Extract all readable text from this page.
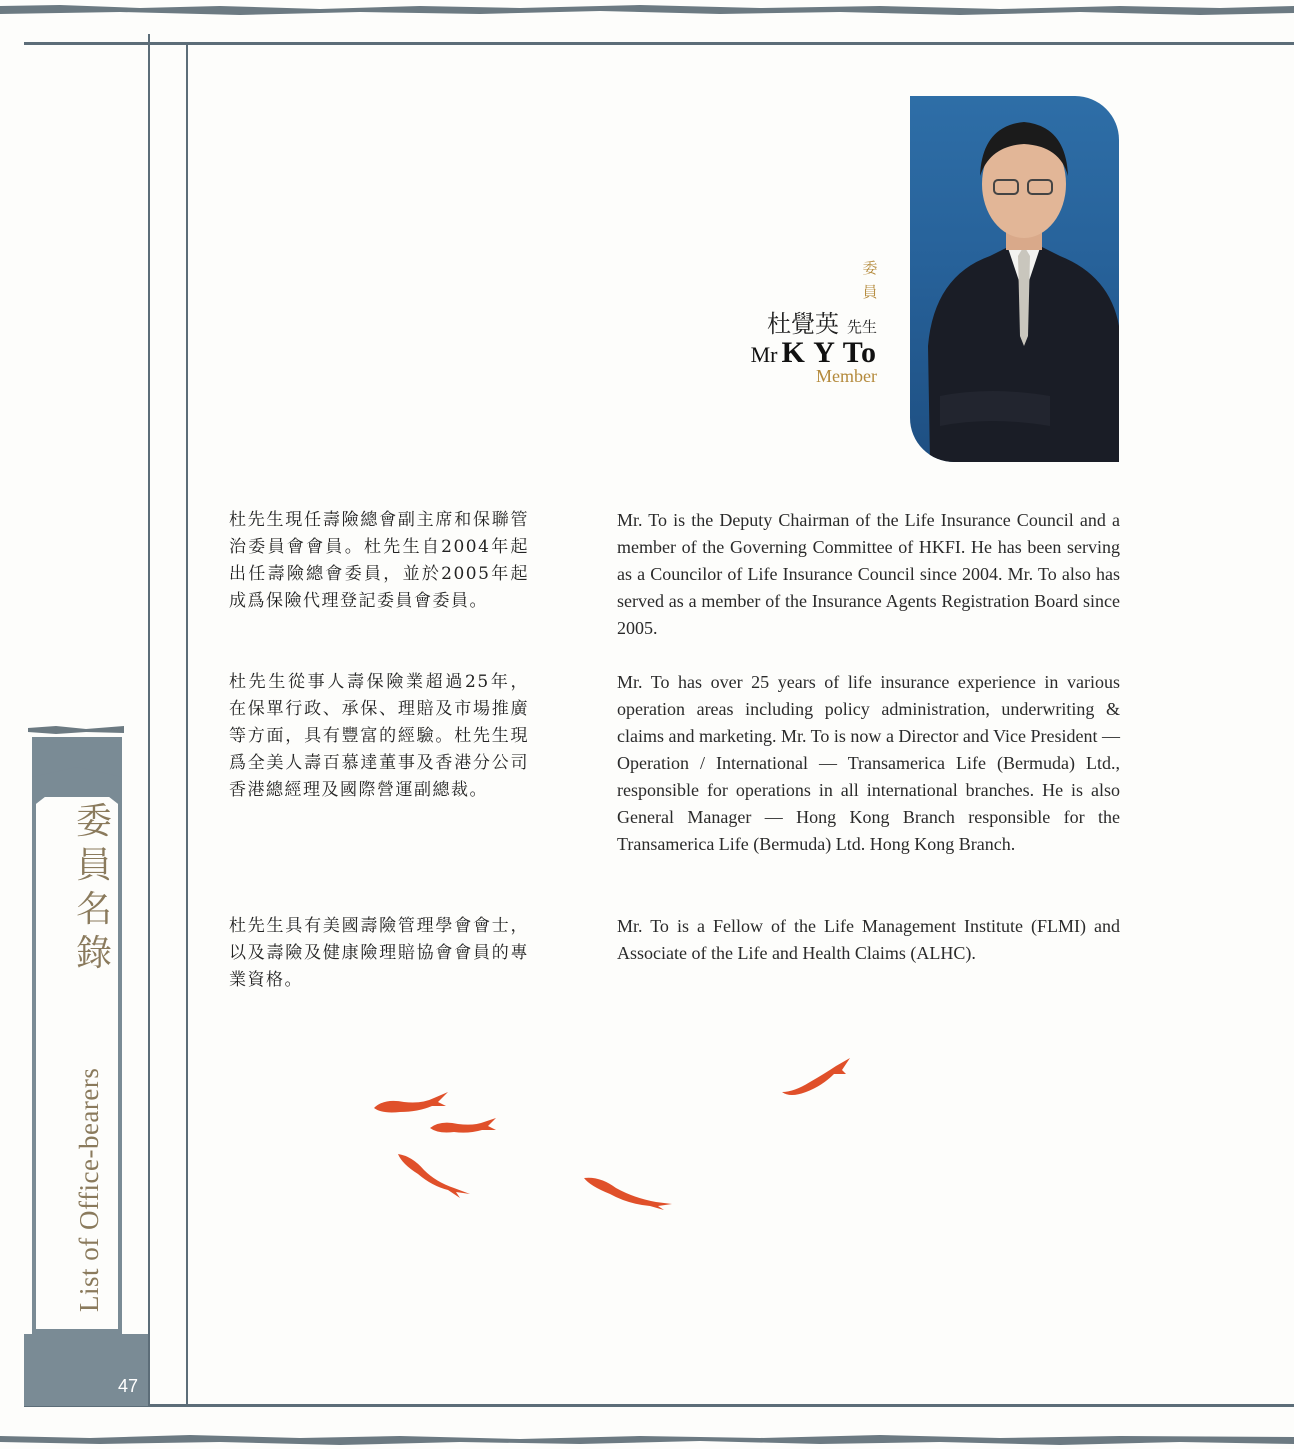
委
員
名
錄
List of Office-bearers
47
委
員
杜覺英 先生
Mr K Y To
Member

杜先生現任壽險總會副主席和保聯管治委員會會員。杜先生自2004年起出任壽險總會委員，並於2005年起成爲保險代理登記委員會委員。

杜先生從事人壽保險業超過25年，在保單行政、承保、理賠及市場推廣等方面，具有豐富的經驗。杜先生現爲全美人壽百慕達董事及香港分公司香港總經理及國際營運副總裁。

杜先生具有美國壽險管理學會會士，以及壽險及健康險理賠協會會員的專業資格。

Mr. To is the Deputy Chairman of the Life Insurance Council and a member of the Governing Committee of HKFI. He has been serving as a Councilor of Life Insurance Council since 2004. Mr. To also has served as a member of the Insurance Agents Registration Board since 2005.

Mr. To has over 25 years of life insurance experience in various operation areas including policy administration, underwriting & claims and marketing. Mr. To is now a Director and Vice President — Operation / International — Transamerica Life (Bermuda) Ltd., responsible for operations in all international branches. He is also General Manager — Hong Kong Branch responsible for the Transamerica Life (Bermuda) Ltd. Hong Kong Branch.

Mr. To is a Fellow of the Life Management Institute (FLMI) and Associate of the Life and Health Claims (ALHC).
